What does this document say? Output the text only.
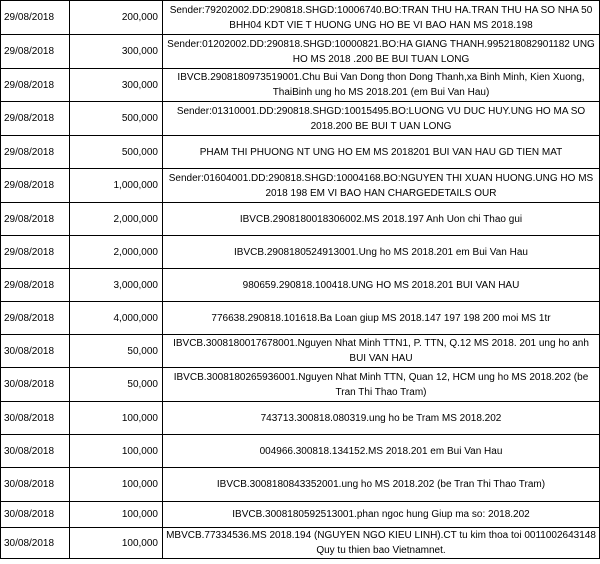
29/08/2018	200,000	Sender:79202002.DD:290818.SHGD:10006740.BO:TRAN THU HA.TRAN THU HA SO NHA 50 BHH04 KDT VIE T HUONG UNG HO BE VI BAO HAN MS 2018.198
29/08/2018	300,000	Sender:01202002.DD:290818.SHGD:10000821.BO:HA GIANG THANH.995218082901182 UNG HO MS 2018 .200 BE BUI TUAN LONG
29/08/2018	300,000	IBVCB.2908180973519001.Chu Bui Van Dong thon Dong Thanh,xa Binh Minh, Kien Xuong, ThaiBinh ung ho MS 2018.201 (em Bui Van Hau)
29/08/2018	500,000	Sender:01310001.DD:290818.SHGD:10015495.BO:LUONG VU DUC HUY.UNG HO MA SO 2018.200 BE BUI T UAN LONG
29/08/2018	500,000	PHAM THI PHUONG NT UNG HO EM MS 2018201 BUI VAN HAU GD TIEN MAT
29/08/2018	1,000,000	Sender:01604001.DD:290818.SHGD:10004168.BO:NGUYEN THI XUAN HUONG.UNG HO MS 2018 198 EM VI BAO HAN CHARGEDETAILS OUR
29/08/2018	2,000,000	IBVCB.2908180018306002.MS 2018.197 Anh Uon chi Thao gui
29/08/2018	2,000,000	IBVCB.2908180524913001.Ung ho MS 2018.201 em Bui Van Hau
29/08/2018	3,000,000	980659.290818.100418.UNG HO MS 2018.201 BUI VAN HAU
29/08/2018	4,000,000	776638.290818.101618.Ba Loan giup MS 2018.147 197 198 200 moi MS 1tr
30/08/2018	50,000	IBVCB.3008180017678001.Nguyen Nhat Minh TTN1, P. TTN, Q.12 MS 2018. 201 ung ho anh BUI VAN HAU
30/08/2018	50,000	IBVCB.3008180265936001.Nguyen Nhat Minh TTN, Quan 12, HCM ung ho MS 2018.202 (be Tran Thi Thao Tram)
30/08/2018	100,000	743713.300818.080319.ung ho be Tram MS 2018.202
30/08/2018	100,000	004966.300818.134152.MS 2018.201 em Bui Van Hau
30/08/2018	100,000	IBVCB.3008180843352001.ung ho MS 2018.202 (be Tran Thi Thao Tram)
30/08/2018	100,000	IBVCB.3008180592513001.phan ngoc hung Giup ma so: 2018.202
30/08/2018	100,000	MBVCB.77334536.MS 2018.194 (NGUYEN NGO KIEU LINH).CT tu kim thoa toi 0011002643148 Quy tu thien bao Vietnamnet.
